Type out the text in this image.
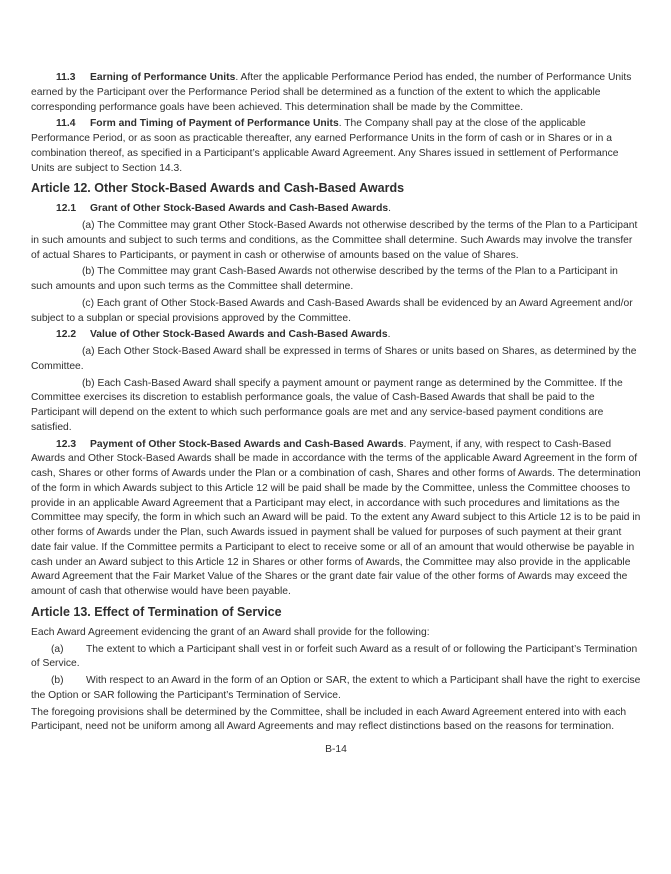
11.3 Earning of Performance Units. After the applicable Performance Period has ended, the number of Performance Units earned by the Participant over the Performance Period shall be determined as a function of the extent to which the applicable corresponding performance goals have been achieved. This determination shall be made by the Committee.

11.4 Form and Timing of Payment of Performance Units. The Company shall pay at the close of the applicable Performance Period, or as soon as practicable thereafter, any earned Performance Units in the form of cash or in Shares or in a combination thereof, as specified in a Participant’s applicable Award Agreement. Any Shares issued in settlement of Performance Units are subject to Section 14.3.

Article 12. Other Stock-Based Awards and Cash-Based Awards

12.1 Grant of Other Stock-Based Awards and Cash-Based Awards.

(a) The Committee may grant Other Stock-Based Awards not otherwise described by the terms of the Plan to a Participant in such amounts and subject to such terms and conditions, as the Committee shall determine. Such Awards may involve the transfer of actual Shares to Participants, or payment in cash or otherwise of amounts based on the value of Shares.

(b) The Committee may grant Cash-Based Awards not otherwise described by the terms of the Plan to a Participant in such amounts and upon such terms as the Committee shall determine.

(c) Each grant of Other Stock-Based Awards and Cash-Based Awards shall be evidenced by an Award Agreement and/or subject to a subplan or special provisions approved by the Committee.

12.2 Value of Other Stock-Based Awards and Cash-Based Awards.

(a) Each Other Stock-Based Award shall be expressed in terms of Shares or units based on Shares, as determined by the Committee.

(b) Each Cash-Based Award shall specify a payment amount or payment range as determined by the Committee. If the Committee exercises its discretion to establish performance goals, the value of Cash-Based Awards that shall be paid to the Participant will depend on the extent to which such performance goals are met and any service-based payment conditions are satisfied.

12.3 Payment of Other Stock-Based Awards and Cash-Based Awards. Payment, if any, with respect to Cash-Based Awards and Other Stock-Based Awards shall be made in accordance with the terms of the applicable Award Agreement in the form of cash, Shares or other forms of Awards under the Plan or a combination of cash, Shares and other forms of Awards. The determination of the form in which Awards subject to this Article 12 will be paid shall be made by the Committee, unless the Committee chooses to provide in an applicable Award Agreement that a Participant may elect, in accordance with such procedures and limitations as the Committee may specify, the form in which such an Award will be paid. To the extent any Award subject to this Article 12 is to be paid in other forms of Awards under the Plan, such Awards issued in payment shall be valued for purposes of such payment at their grant date fair value. If the Committee permits a Participant to elect to receive some or all of an amount that would otherwise be payable in cash under an Award subject to this Article 12 in Shares or other forms of Awards, the Committee may also provide in the applicable Award Agreement that the Fair Market Value of the Shares or the grant date fair value of the other forms of Awards may exceed the amount of cash that otherwise would have been payable.

Article 13. Effect of Termination of Service

Each Award Agreement evidencing the grant of an Award shall provide for the following:

(a) The extent to which a Participant shall vest in or forfeit such Award as a result of or following the Participant’s Termination of Service.

(b) With respect to an Award in the form of an Option or SAR, the extent to which a Participant shall have the right to exercise the Option or SAR following the Participant’s Termination of Service.

The foregoing provisions shall be determined by the Committee, shall be included in each Award Agreement entered into with each Participant, need not be uniform among all Award Agreements and may reflect distinctions based on the reasons for termination.

B-14
